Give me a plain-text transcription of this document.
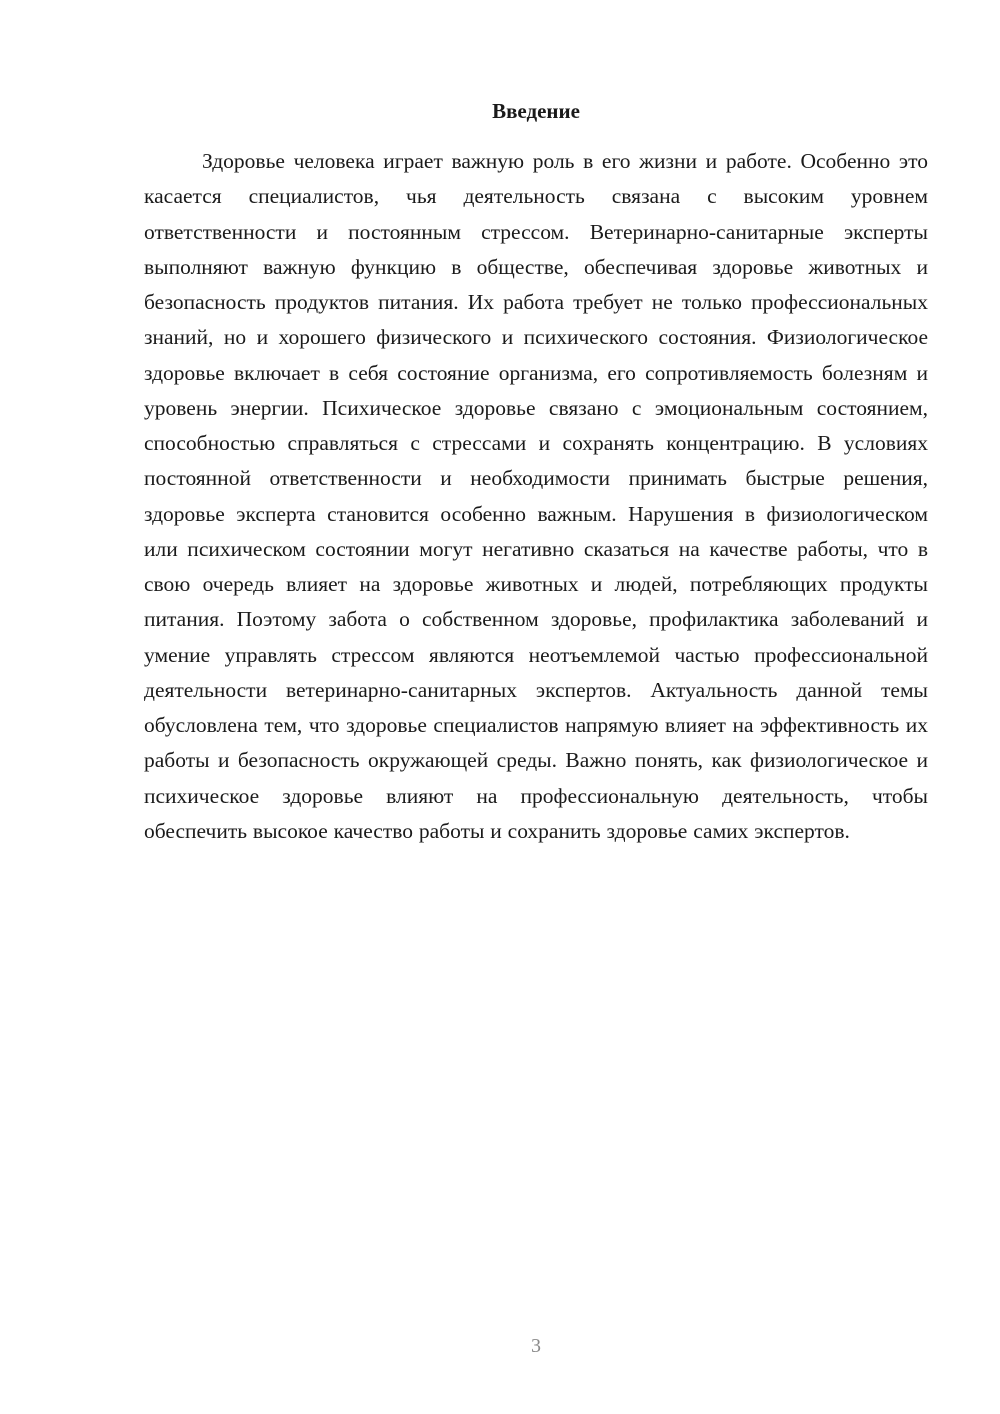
Введение

Здоровье человека играет важную роль в его жизни и работе. Особенно это касается специалистов, чья деятельность связана с высоким уровнем ответственности и постоянным стрессом. Ветеринарно-санитарные эксперты выполняют важную функцию в обществе, обеспечивая здоровье животных и безопасность продуктов питания. Их работа требует не только профессиональных знаний, но и хорошего физического и психического состояния. Физиологическое здоровье включает в себя состояние организма, его сопротивляемость болезням и уровень энергии. Психическое здоровье связано с эмоциональным состоянием, способностью справляться с стрессами и сохранять концентрацию. В условиях постоянной ответственности и необходимости принимать быстрые решения, здоровье эксперта становится особенно важным. Нарушения в физиологическом или психическом состоянии могут негативно сказаться на качестве работы, что в свою очередь влияет на здоровье животных и людей, потребляющих продукты питания. Поэтому забота о собственном здоровье, профилактика заболеваний и умение управлять стрессом являются неотъемлемой частью профессиональной деятельности ветеринарно-санитарных экспертов. Актуальность данной темы обусловлена тем, что здоровье специалистов напрямую влияет на эффективность их работы и безопасность окружающей среды. Важно понять, как физиологическое и психическое здоровье влияют на профессиональную деятельность, чтобы обеспечить высокое качество работы и сохранить здоровье самих экспертов.

3
